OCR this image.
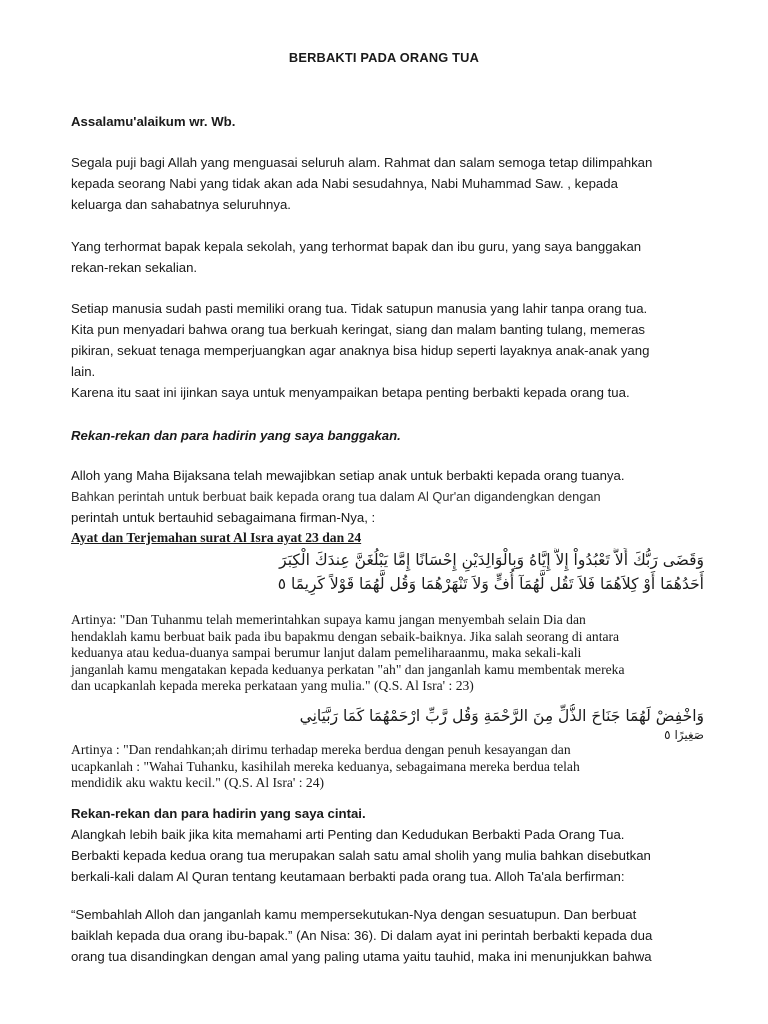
BERBAKTI PADA ORANG TUA
Assalamu'alaikum wr. Wb.
Segala puji bagi Allah yang menguasai seluruh alam. Rahmat dan salam semoga tetap dilimpahkan
kepada seorang Nabi yang tidak akan ada Nabi sesudahnya, Nabi Muhammad Saw. , kepada
keluarga dan sahabatnya seluruhnya.
Yang terhormat bapak kepala sekolah, yang terhormat bapak dan ibu guru, yang saya banggakan
rekan-rekan sekalian.
Setiap manusia sudah pasti memiliki orang tua. Tidak satupun manusia yang lahir tanpa orang tua.
Kita pun menyadari bahwa orang tua berkuah keringat, siang dan malam banting tulang, memeras
pikiran, sekuat tenaga memperjuangkan agar anaknya bisa hidup seperti layaknya anak-anak yang
lain.
Karena itu saat ini ijinkan saya untuk menyampaikan betapa penting berbakti kepada orang tua.
Rekan-rekan dan para hadirin yang saya banggakan.
Alloh yang Maha Bijaksana telah mewajibkan setiap anak untuk berbakti kepada orang tuanya.
Bahkan perintah untuk berbuat baik kepada orang tua dalam Al Qur'an digandengkan dengan
perintah untuk bertauhid sebagaimana firman-Nya, :
Ayat dan Terjemahan surat Al Isra ayat 23 dan 24
وَقَضَى رَبُّكَ أَلاَّ تَعْبُدُواْ إِلاَّ إِيَّاهُ وَبِالْوَالِدَيْنِ إِحْسَانًا إِمَّا يَبْلُغَنَّ عِندَكَ الْكِبَرَ
أَحَدُهُمَا أَوْ كِلاَهُمَا فَلاَ تَقُل لَّهُمَآ أُفٍّ وَلاَ تَنْهَرْهُمَا وَقُل لَّهُمَا قَوْلاً كَرِيمًا ٥
Artinya: "Dan Tuhanmu telah memerintahkan supaya kamu jangan menyembah selain Dia dan
hendaklah kamu berbuat baik pada ibu bapakmu dengan sebaik-baiknya. Jika salah seorang di antara
keduanya atau kedua-duanya sampai berumur lanjut dalam pemeliharaanmu, maka sekali-kali
janganlah kamu mengatakan kepada keduanya perkatan "ah" dan janganlah kamu membentak mereka
dan ucapkanlah kepada mereka perkataan yang mulia." (Q.S. Al Isra' : 23)
وَاخْفِضْ لَهُمَا جَنَاحَ الذُّلِّ مِنَ الرَّحْمَةِ وَقُل رَّبِّ ارْحَمْهُمَا كَمَا رَبَّيَانِي
صَغِيرًا ٥
Artinya : "Dan rendahkan;ah dirimu terhadap mereka berdua dengan penuh kesayangan dan
ucapkanlah : "Wahai Tuhanku, kasihilah mereka keduanya, sebagaimana mereka berdua telah
mendidik aku waktu kecil." (Q.S. Al Isra' : 24)
Rekan-rekan dan para hadirin yang saya cintai.
Alangkah lebih baik jika kita memahami arti Penting dan Kedudukan Berbakti Pada Orang Tua.
Berbakti kepada kedua orang tua merupakan salah satu amal sholih yang mulia bahkan disebutkan
berkali-kali dalam Al Quran tentang keutamaan berbakti pada orang tua. Alloh Ta'ala berfirman:
“Sembahlah Alloh dan janganlah kamu mempersekutukan-Nya dengan sesuatupun. Dan berbuat
baiklah kepada dua orang ibu-bapak.” (An Nisa: 36). Di dalam ayat ini perintah berbakti kepada dua
orang tua disandingkan dengan amal yang paling utama yaitu tauhid, maka ini menunjukkan bahwa
